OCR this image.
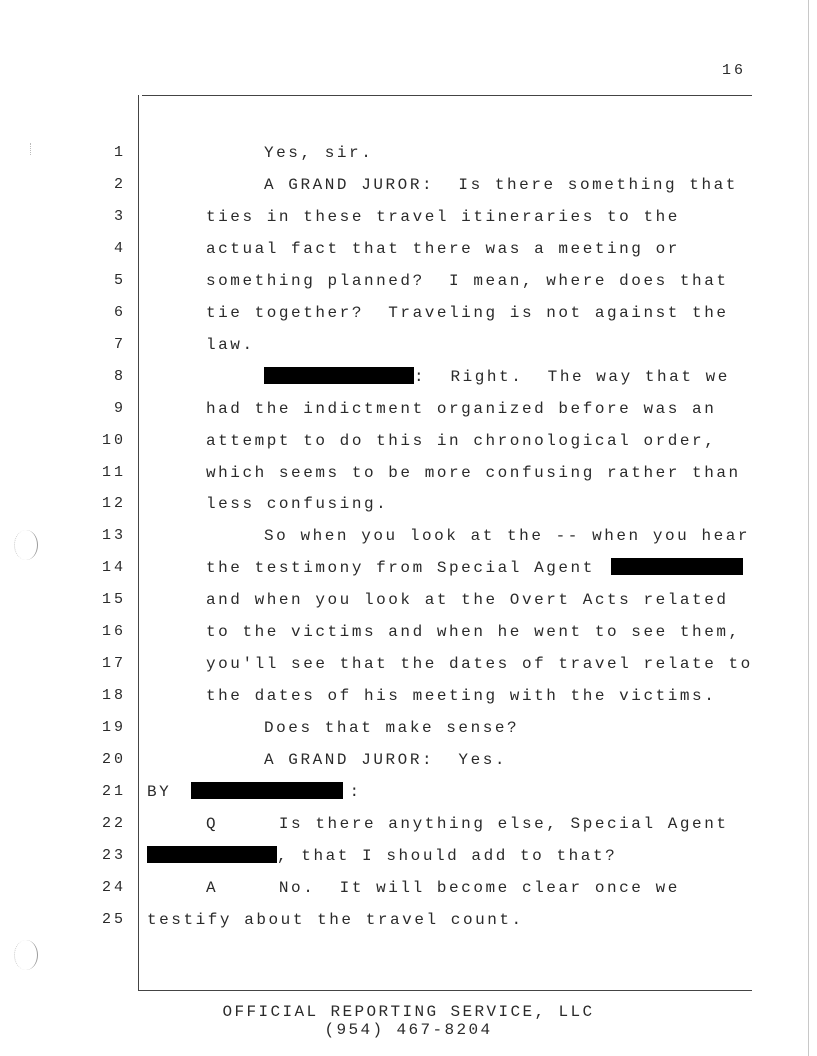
16
1	Yes, sir.
2	A GRAND JUROR:  Is there something that
3	ties in these travel itineraries to the
4	actual fact that there was a meeting or
5	something planned?  I mean, where does that
6	tie together?  Traveling is not against the
7	law.
8	:  Right.  The way that we
9	had the indictment organized before was an
10	attempt to do this in chronological order,
11	which seems to be more confusing rather than
12	less confusing.
13	So when you look at the -- when you hear
14	the testimony from Special Agent
15	and when you look at the Overt Acts related
16	to the victims and when he went to see them,
17	you'll see that the dates of travel relate to
18	the dates of his meeting with the victims.
19	Does that make sense?
20	A GRAND JUROR:  Yes.
21 BY	:
22	Q     Is there anything else, Special Agent
23	, that I should add to that?
24	A     No.  It will become clear once we
25 testify about the travel count.
OFFICIAL REPORTING SERVICE, LLC
(954) 467-8204
